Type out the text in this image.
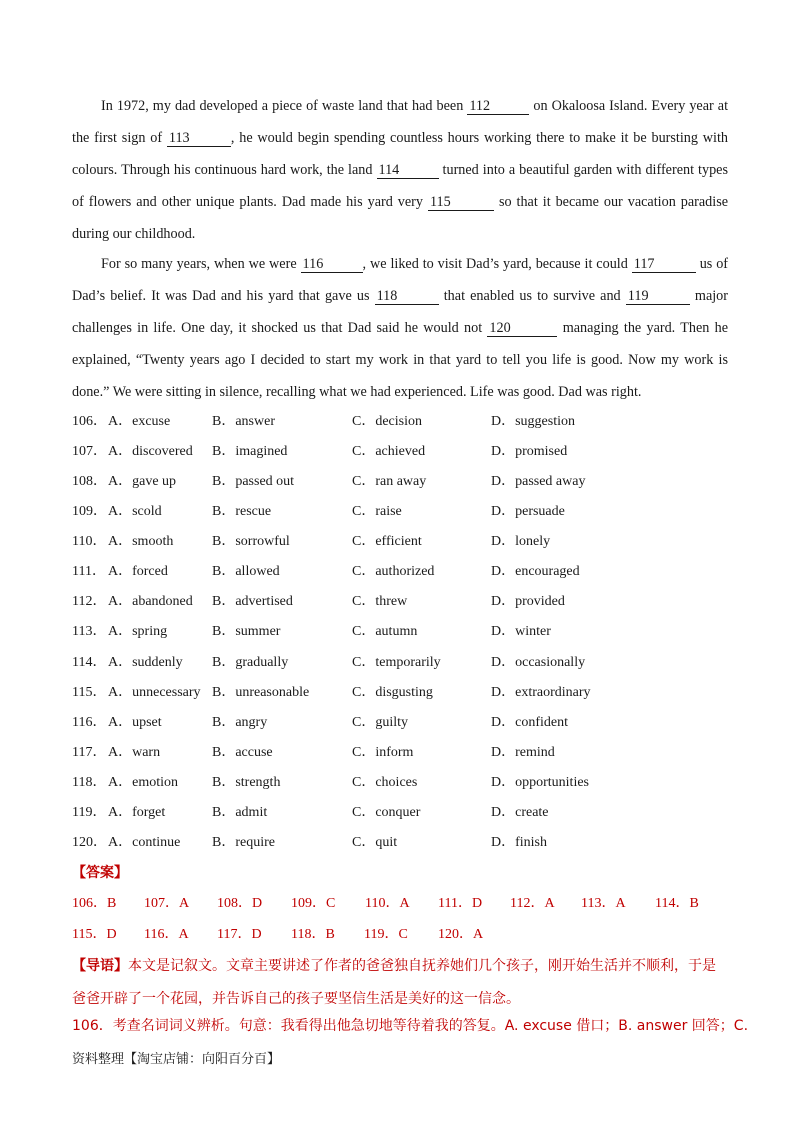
In 1972, my dad developed a piece of waste land that had been 112	on Okaloosa Island. Every year at the first sign of 113	, he would begin spending countless hours working there to make it be bursting with colours. Through his continuous hard work, the land 114	turned into a beautiful garden with different types of flowers and other unique plants. Dad made his yard very 115	so that it became our vacation paradise during our childhood.

For so many years, when we were 116	, we liked to visit Dad’s yard, because it could 117	us of Dad’s belief. It was Dad and his yard that gave us 118	that enabled us to survive and 119	major challenges in life. One day, it shocked us that Dad said he would not 120	managing the yard. Then he explained, “Twenty years ago I decided to start my work in that yard to tell you life is good. Now my work is done.” We were sitting in silence, recalling what we had experienced. Life was good. Dad was right.

106． A．excuse	B．answer	C．decision	D．suggestion
107． A．discovered B．imagined	C．achieved	D．promised
108． A．gave up	B．passed out	C．ran away	D．passed away
109． A．scold	B．rescue	C．raise	D．persuade
110． A．smooth	B．sorrowful	C．efficient	D．lonely
111． A．forced	B．allowed	C．authorized	D．encouraged
112． A．abandoned B．advertised	C．threw	D．provided
113． A．spring	B．summer	C．autumn	D．winter
114． A．suddenly B．gradually	C．temporarily	D．occasionally
115． A．unnecessary B．unreasonable	C．disgusting	D．extraordinary
116． A．upset	B．angry	C．guilty	D．confident
117． A．warn	B．accuse	C．inform	D．remind
118． A．emotion B．strength	C．choices	D．opportunities
119． A．forget	B．admit	C．conquer	D．create
120． A．continue B．require	C．quit	D．finish
【答案】
106．B 107．A 108．D 109．C 110．A 111．D 112．A 113．A 114．B
115．D 116．A 117．D 118．B 119．C 120．A
【导语】本文是记叙文。文章主要讲述了作者的爸爸独自抚养她们几个孩子，刚开始生活并不顺利，于是爸爸开辟了一个花园，并告诉自己的孩子要坚信生活是美好的这一信念。
106．考查名词词义辨析。句意：我看得出他急切地等待着我的答复。A. excuse 借口；B. answer 回答；C.
资料整理【淘宝店铺：向阳百分百】
